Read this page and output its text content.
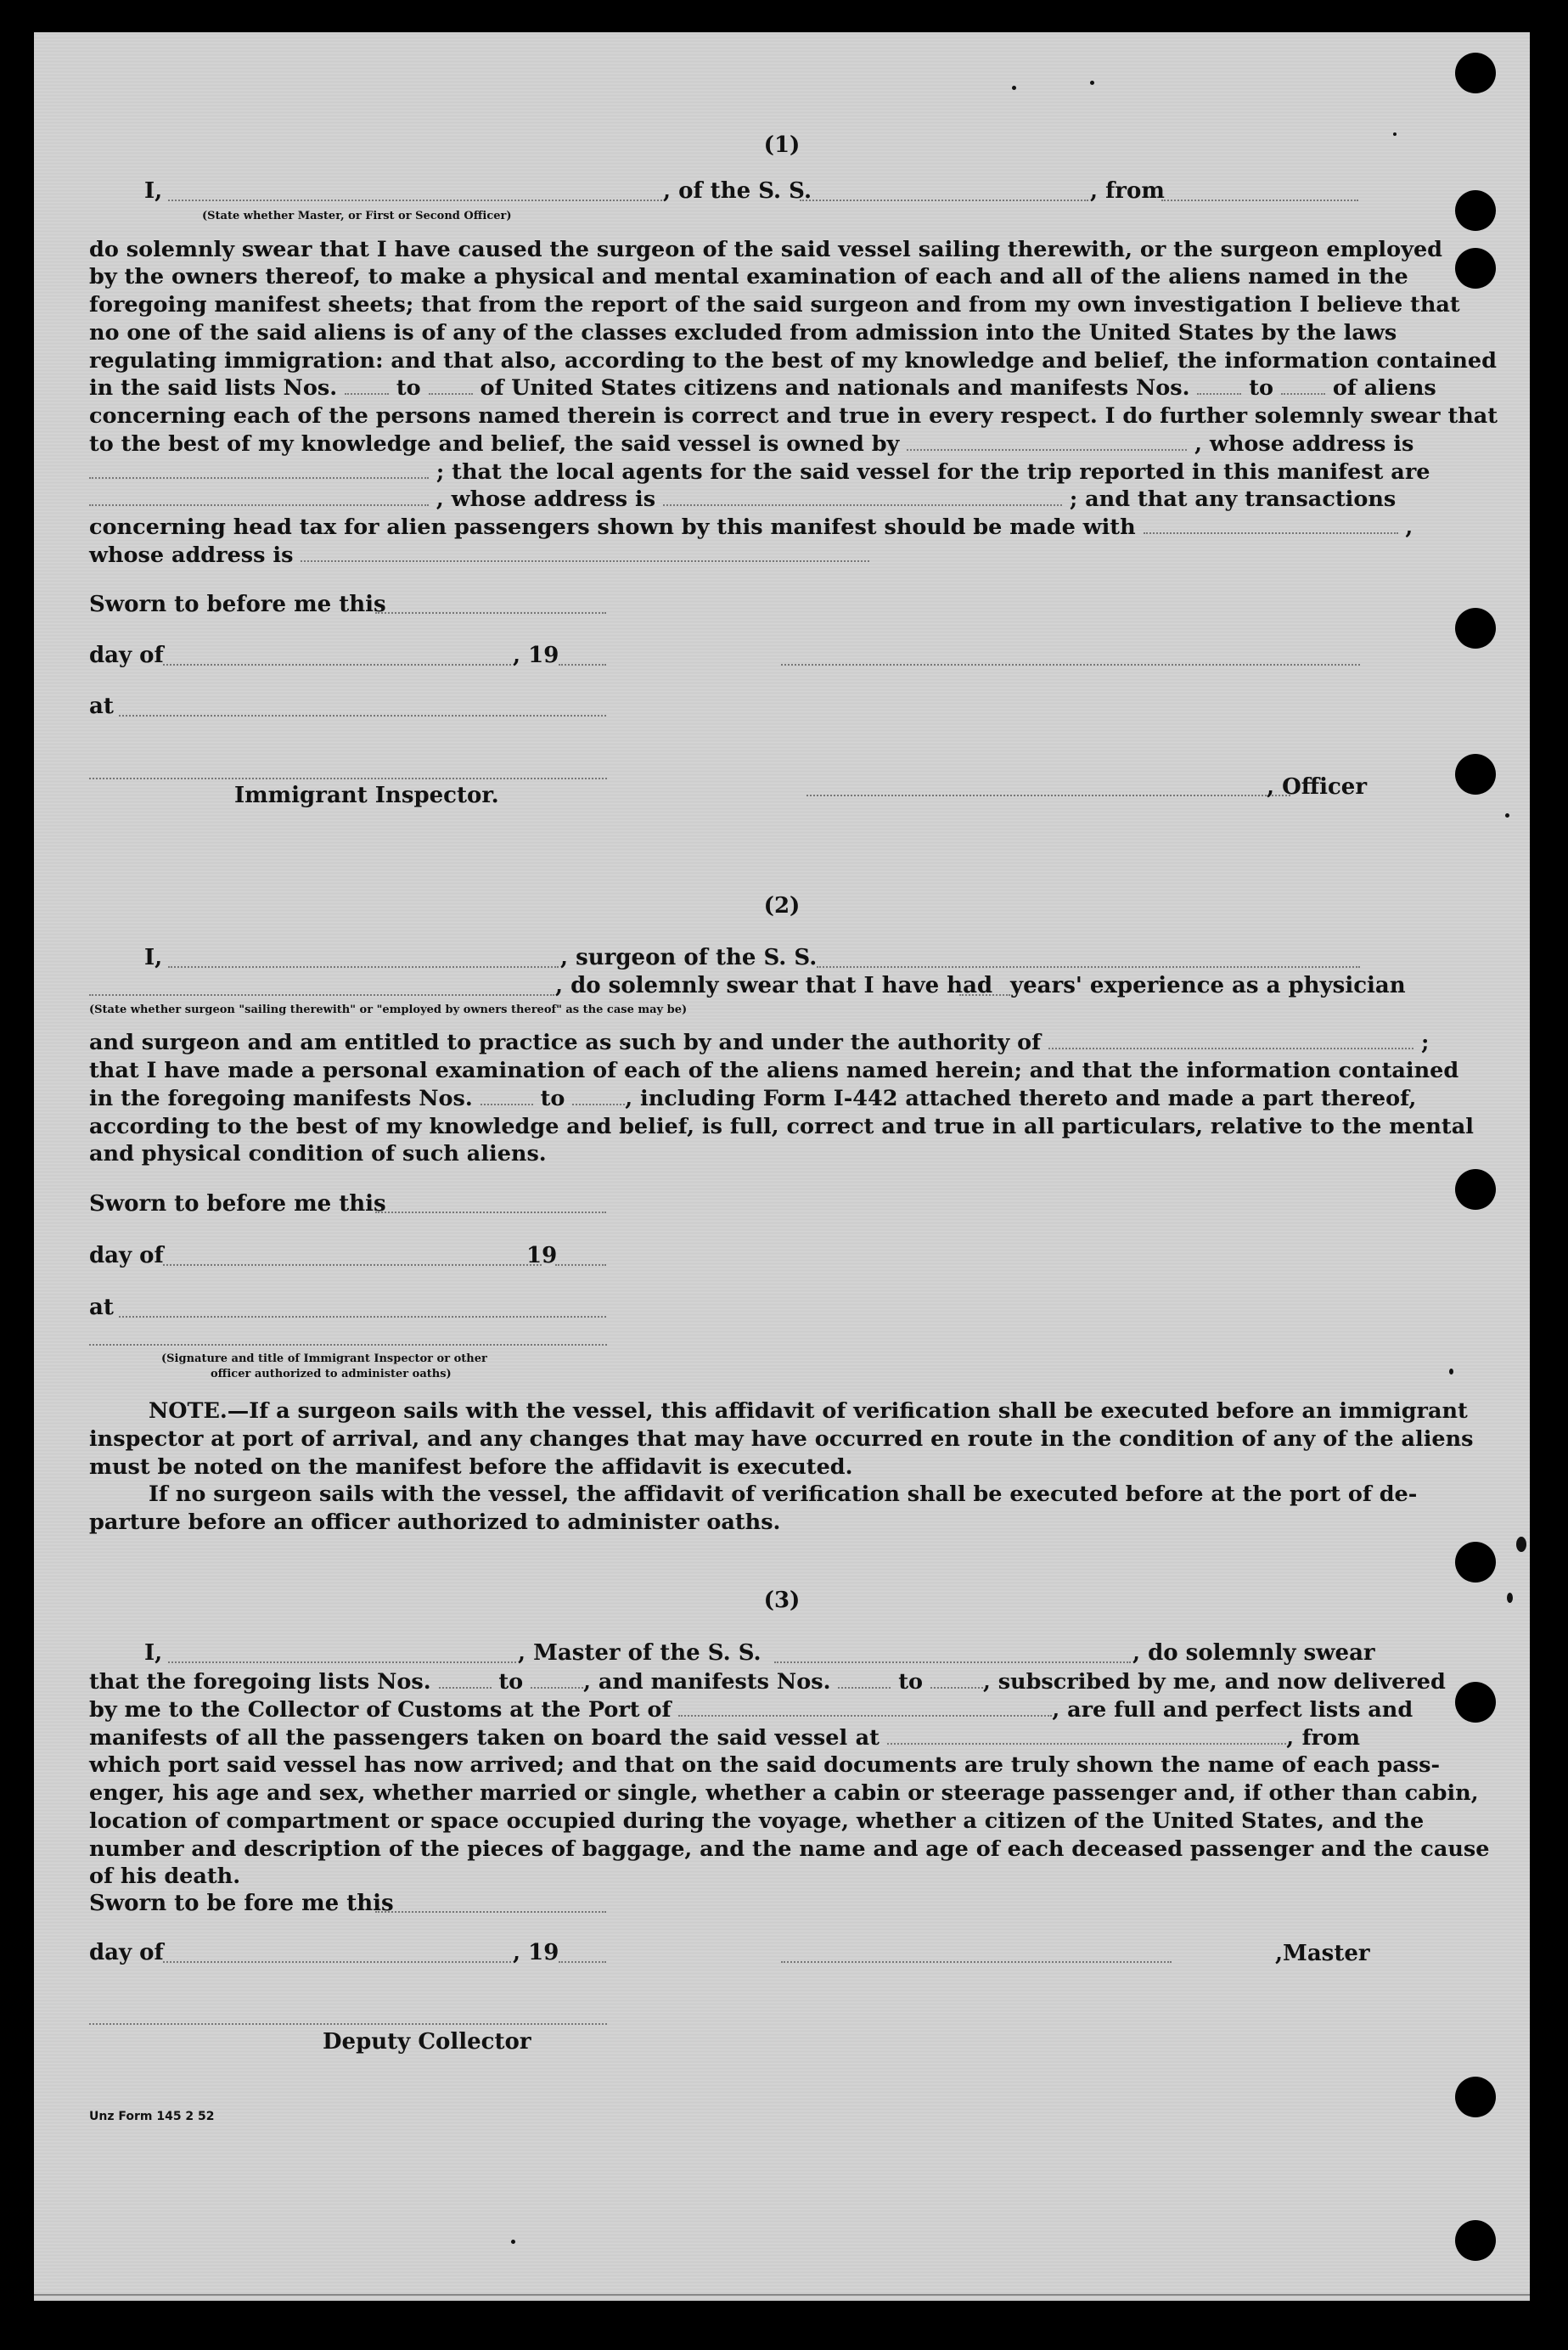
(1)
I,	, of the S. S.	, from
(State whether Master, or First or Second Officer)
do solemnly swear that I have caused the surgeon of the said vessel sailing therewith, or the surgeon employed
by the owners thereof, to make a physical and mental examination of each and all of the aliens named in the
foregoing manifest sheets; that from the report of the said surgeon and from my own investigation I believe that
no one of the said aliens is of any of the classes excluded from admission into the United States by the laws
regulating immigration: and that also, according to the best of my knowledge and belief, the information contained
in the said lists Nos.	to	of United States citizens and nationals and manifests Nos.	to	of aliens
concerning each of the persons named therein is correct and true in every respect. I do further solemnly swear that
to the best of my knowledge and belief, the said vessel is owned by	, whose address is
; that the local agents for the said vessel for the trip reported in this manifest are
, whose address is	; and that any transactions
concerning head tax for alien passengers shown by this manifest should be made with	,
whose address is
Sworn to before me this
day of	, 19
at
Immigrant Inspector.	, Officer
(2)
I,	, surgeon of the S. S.
, do solemnly swear that I have had years' experience as a physician
(State whether surgeon "sailing therewith" or "employed by owners thereof" as the case may be)
and surgeon and am entitled to practice as such by and under the authority of	;
that I have made a personal examination of each of the aliens named herein; and that the information contained
in the foregoing manifests Nos.	to	, including Form I-442 attached thereto and made a part thereof,
according to the best of my knowledge and belief, is full, correct and true in all particulars, relative to the mental
and physical condition of such aliens.
Sworn to before me this
day of	19
at
(Signature and title of Immigrant Inspector or other
officer authorized to administer oaths)
NOTE.—If a surgeon sails with the vessel, this affidavit of verification shall be executed before an immigrant
inspector at port of arrival, and any changes that may have occurred en route in the condition of any of the aliens
must be noted on the manifest before the affidavit is executed.
If no surgeon sails with the vessel, the affidavit of verification shall be executed before at the port of de-
parture before an officer authorized to administer oaths.
(3)
I,	, Master of the S. S.	, do solemnly swear
that the foregoing lists Nos.	to	, and manifests Nos.	to	, subscribed by me, and now delivered
by me to the Collector of Customs at the Port of	, are full and perfect lists and
manifests of all the passengers taken on board the said vessel at	, from
which port said vessel has now arrived; and that on the said documents are truly shown the name of each pass-
enger, his age and sex, whether married or single, whether a cabin or steerage passenger and, if other than cabin,
location of compartment or space occupied during the voyage, whether a citizen of the United States, and the
number and description of the pieces of baggage, and the name and age of each deceased passenger and the cause
of his death.
Sworn to be fore me this
day of	, 19	,Master
Deputy Collector
Unz Form 145 2 52
